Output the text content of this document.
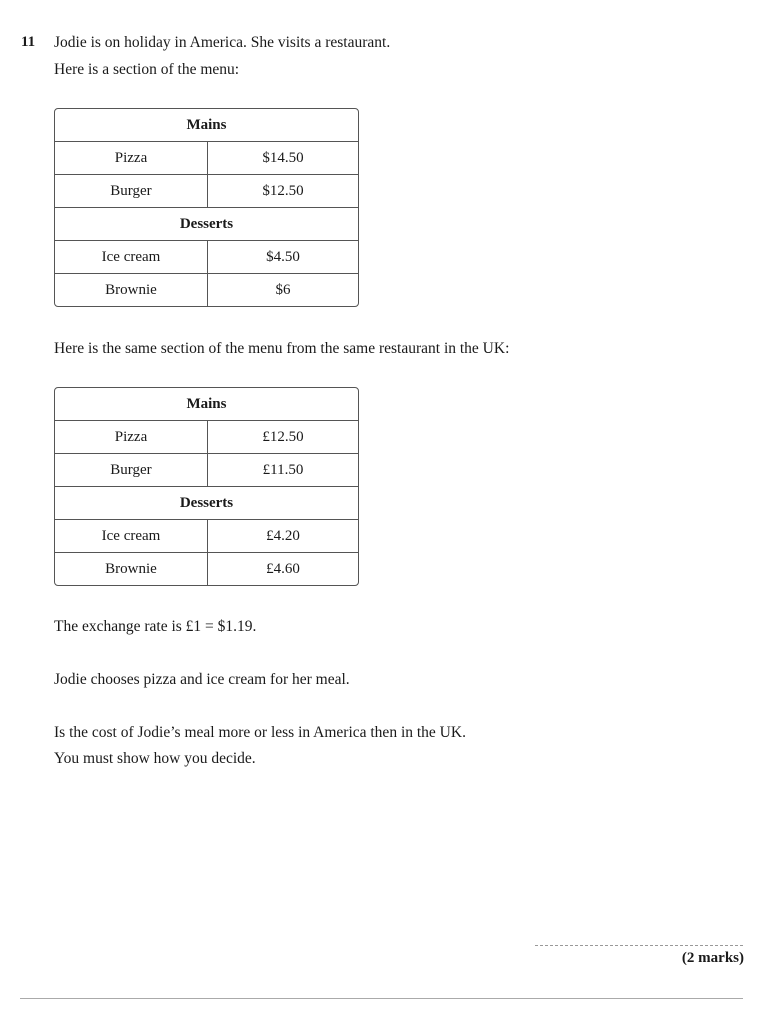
11 Jodie is on holiday in America. She visits a restaurant.
Here is a section of the menu:
Mains	
Pizza	$14.50
Burger	$12.50
Desserts	
Ice cream	$4.50
Brownie	$6
Here is the same section of the menu from the same restaurant in the UK:
Mains	
Pizza	£12.50
Burger	£11.50
Desserts	
Ice cream	£4.20
Brownie	£4.60
The exchange rate is £1 = $1.19.
Jodie chooses pizza and ice cream for her meal.
Is the cost of Jodie’s meal more or less in America then in the UK.
You must show how you decide.
(2 marks)
